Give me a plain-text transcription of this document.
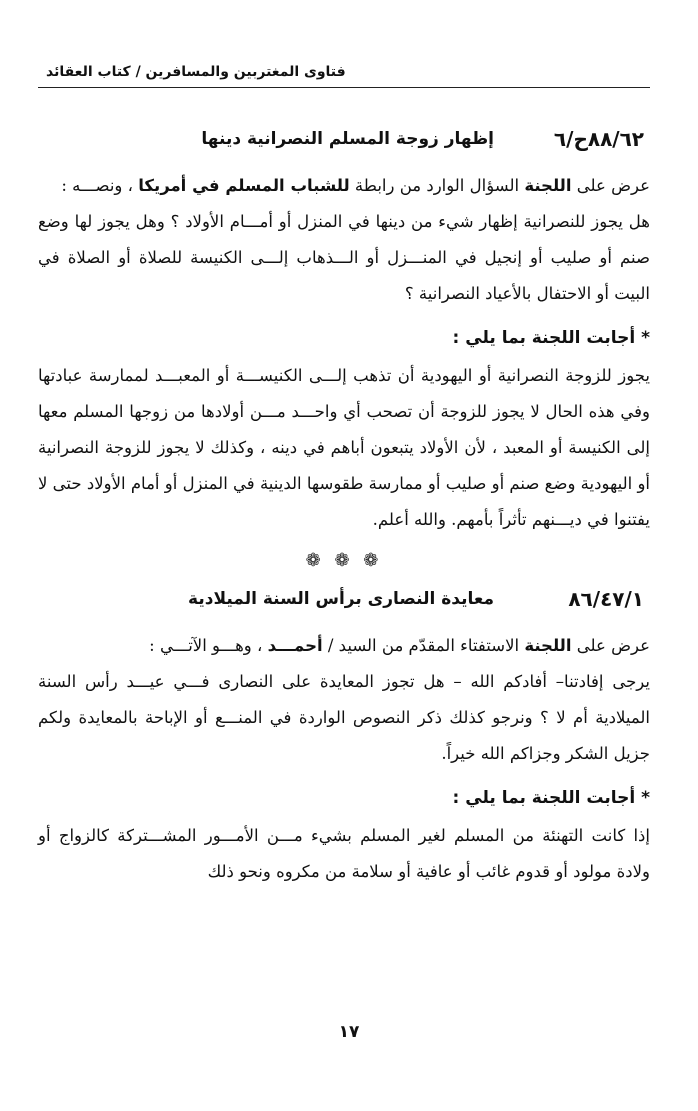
فتاوى المغتربين والمسافرين / كتاب العقائد
٨٨/٦٢ح/٦
إظهار زوجة المسلم النصرانية دينها

عرض على اللجنة السؤال الوارد من رابطة للشباب المسلم في أمريكا ، ونصـــه :

هل يجوز للنصرانية إظهار شيء من دينها في المنزل أو أمـــام الأولاد ؟ وهل يجوز لها وضع صنم أو صليب أو إنجيل في المنـــزل أو الـــذهاب إلـــى الكنيسة للصلاة أو الصلاة في البيت أو الاحتفال بالأعياد النصرانية ؟

* أجابت اللجنة بما يلي :

يجوز للزوجة النصرانية أو اليهودية أن تذهب إلـــى الكنيســـة أو المعبـــد لممارسة عبادتها وفي هذه الحال لا يجوز للزوجة أن تصحب أي واحـــد مـــن أولادها من زوجها المسلم معها إلى الكنيسة أو المعبد ، لأن الأولاد يتبعون أباهم في دينه ، وكذلك لا يجوز للزوجة النصرانية أو اليهودية وضع صنم أو صليب أو ممارسة طقوسها الدينية في المنزل أو أمام الأولاد حتى لا يفتنوا في ديـــنهم تأثراً بأمهم. والله أعلم.

❁ ❁ ❁
٨٦/٤٧/١
معايدة النصارى برأس السنة الميلادية

عرض على اللجنة الاستفتاء المقدّم من السيد / أحمـــد ، وهـــو الآتـــي :

يرجى إفادتنا– أفادكم الله – هل تجوز المعايدة على النصارى فـــي عيـــد رأس السنة الميلادية أم لا ؟ ونرجو كذلك ذكر النصوص الواردة في المنـــع أو الإباحة بالمعايدة ولكم جزيل الشكر وجزاكم الله خيراً.

* أجابت اللجنة بما يلي :

إذا كانت التهنئة من المسلم لغير المسلم بشيء مـــن الأمـــور المشـــتركة كالزواج أو ولادة مولود أو قدوم غائب أو عافية أو سلامة من مكروه ونحو ذلك

١٧
